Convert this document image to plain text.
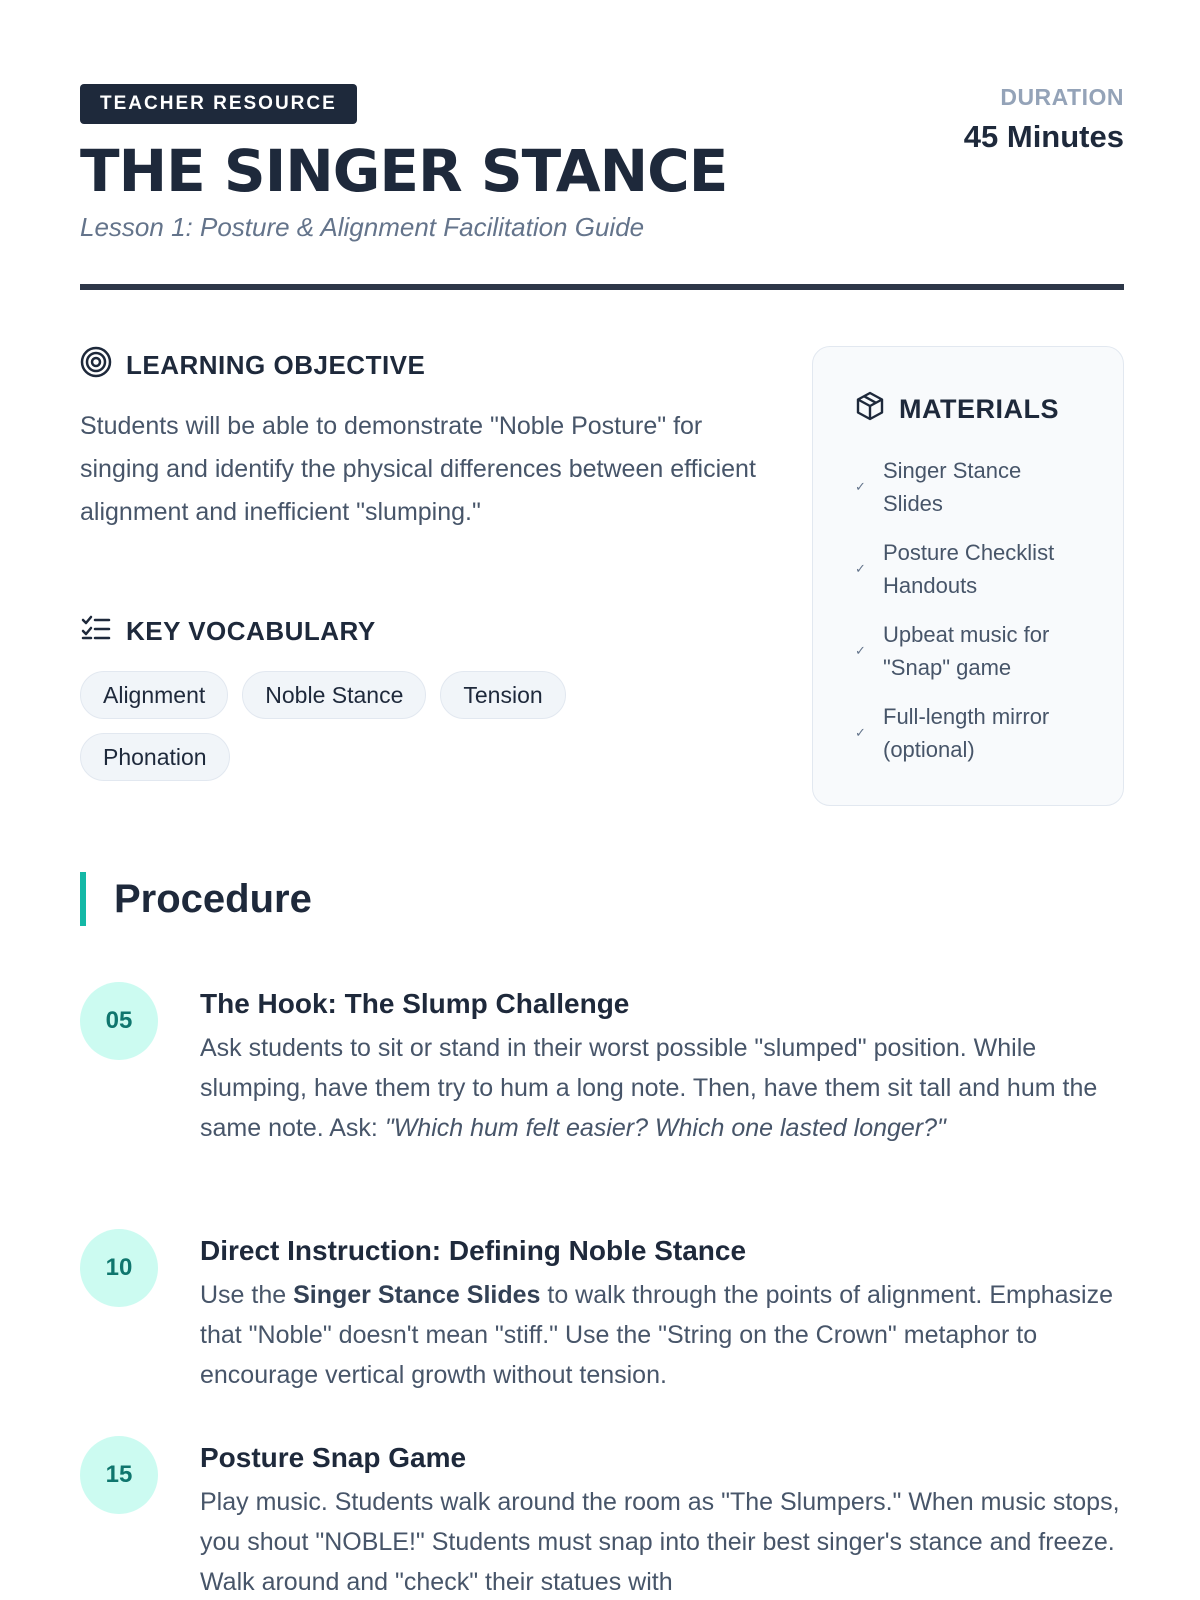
TEACHER RESOURCE
THE SINGER STANCE
Lesson 1: Posture & Alignment Facilitation Guide
DURATION
45 Minutes
LEARNING OBJECTIVE

Students will be able to demonstrate "Noble Posture" for singing and identify the physical differences between efficient alignment and inefficient "slumping."

KEY VOCABULARY
Alignment	Noble Stance	Tension
Phonation
MATERIALS
✓
Singer Stance Slides
✓
Posture Checklist Handouts
✓
Upbeat music for "Snap" game
✓
Full-length mirror (optional)
Procedure
05
The Hook: The Slump Challenge

Ask students to sit or stand in their worst possible "slumped" position. While slumping, have them try to hum a long note. Then, have them sit tall and hum the same note. Ask: "Which hum felt easier? Which one lasted longer?"

10
Direct Instruction: Defining Noble Stance

Use the Singer Stance Slides to walk through the points of alignment. Emphasize that "Noble" doesn't mean "stiff." Use the "String on the Crown" metaphor to encourage vertical growth without tension.

15
Posture Snap Game

Play music. Students walk around the room as "The Slumpers." When music stops, you shout "NOBLE!" Students must snap into their best singer's stance and freeze. Walk around and "check" their statues with
